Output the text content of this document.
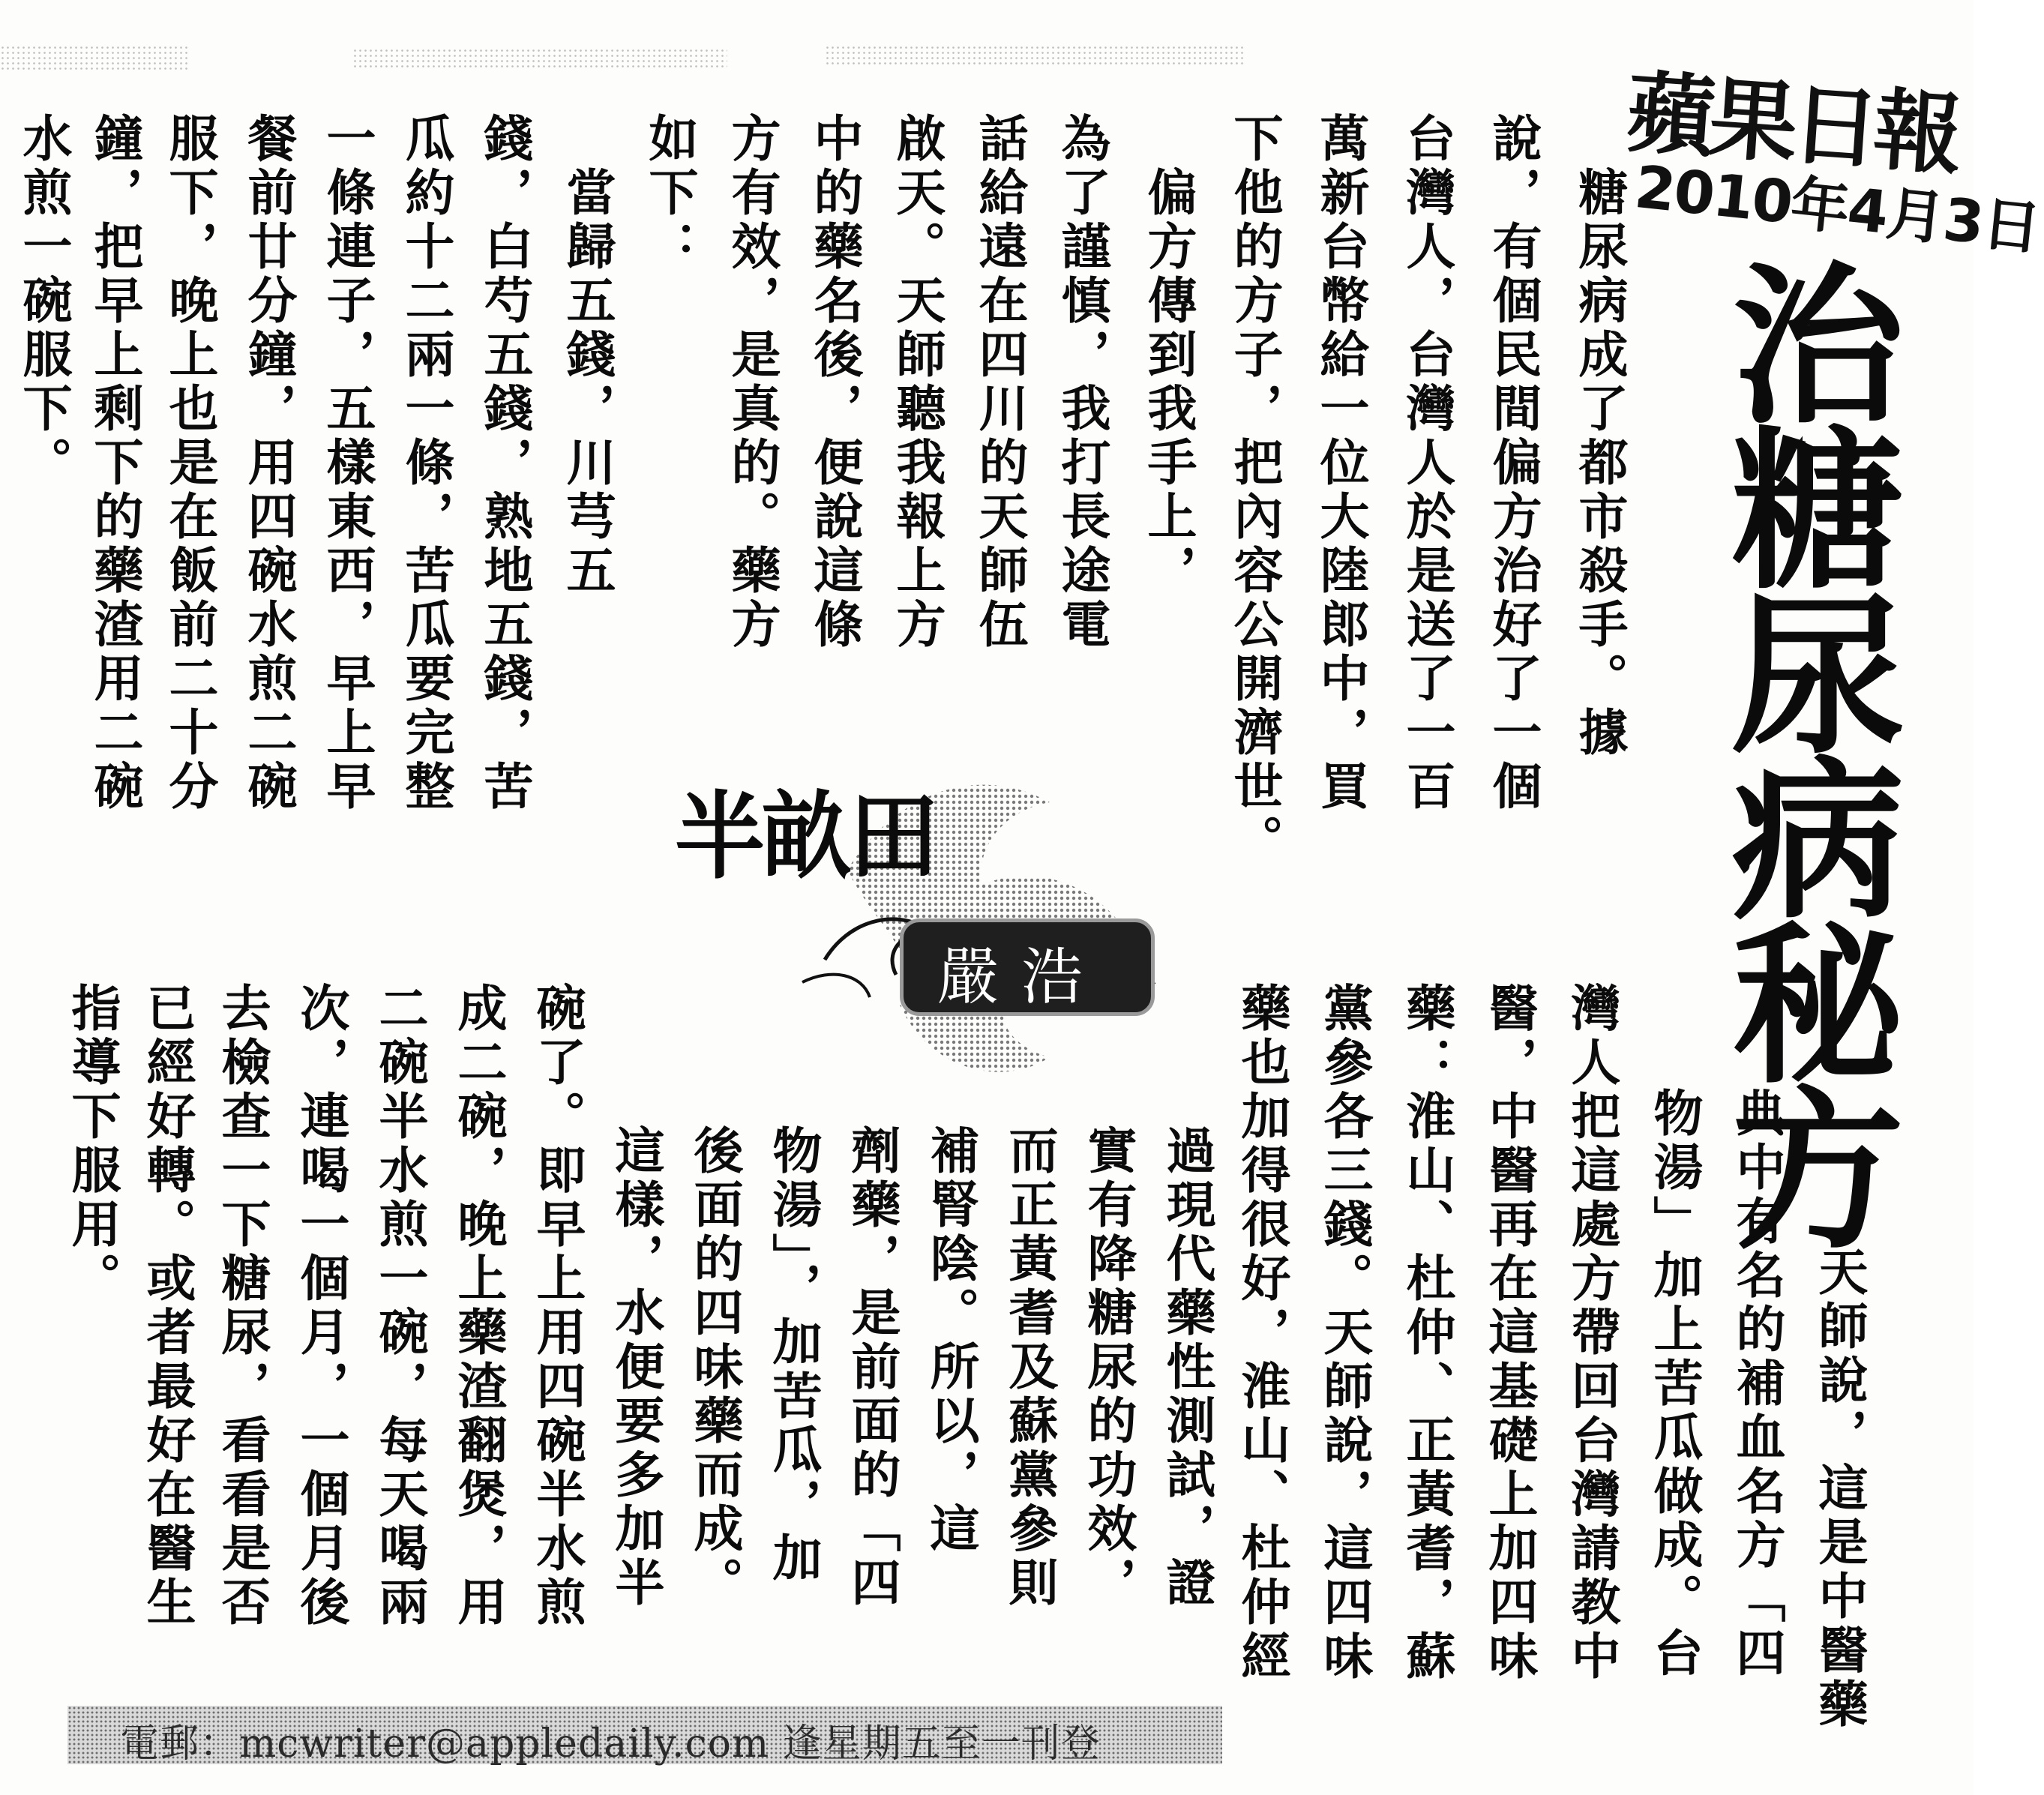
蘋果日報
2010年4月3日
治糖尿病秘方
　糖尿病成了都市殺手。據
說，有個民間偏方治好了一個
台灣人，台灣人於是送了一百
萬新台幣給一位大陸郎中，買
下他的方子，把內容公開濟世。
　偏方傳到我手上，
為了謹慎，我打長途電
話給遠在四川的天師伍
啟天。天師聽我報上方
中的藥名後，便說這條
方有效，是真的。藥方
如下：
　當歸五錢，川芎五
錢，白芍五錢，熟地五錢，苦
瓜約十二兩一條，苦瓜要完整
一條連子，五樣東西，早上早
餐前廿分鐘，用四碗水煎二碗
服下，晚上也是在飯前二十分
鐘，把早上剩下的藥渣用二碗
水煎一碗服下。
半畝田
嚴浩
　天師說，這是中醫藥
典中有名的補血名方「四
物湯」加上苦瓜做成。台
灣人把這處方帶回台灣請教中
醫，中醫再在這基礎上加四味
藥：淮山、杜仲、正黃耆，蘇
黨參各三錢。天師說，這四味
藥也加得很好，淮山、杜仲經
過現代藥性測試，證
實有降糖尿的功效，
而正黃耆及蘇黨參則
補腎陰。所以，這
劑藥，是前面的「四
物湯」，加苦瓜，加
後面的四味藥而成。
這樣，水便要多加半
碗了。即早上用四碗半水煎
成二碗，晚上藥渣翻煲，用
二碗半水煎一碗，每天喝兩
次，連喝一個月，一個月後
去檢查一下糖尿，看看是否
已經好轉。或者最好在醫生
指導下服用。
電郵：mcwriter@appledaily.com 逢星期五至一刊登
